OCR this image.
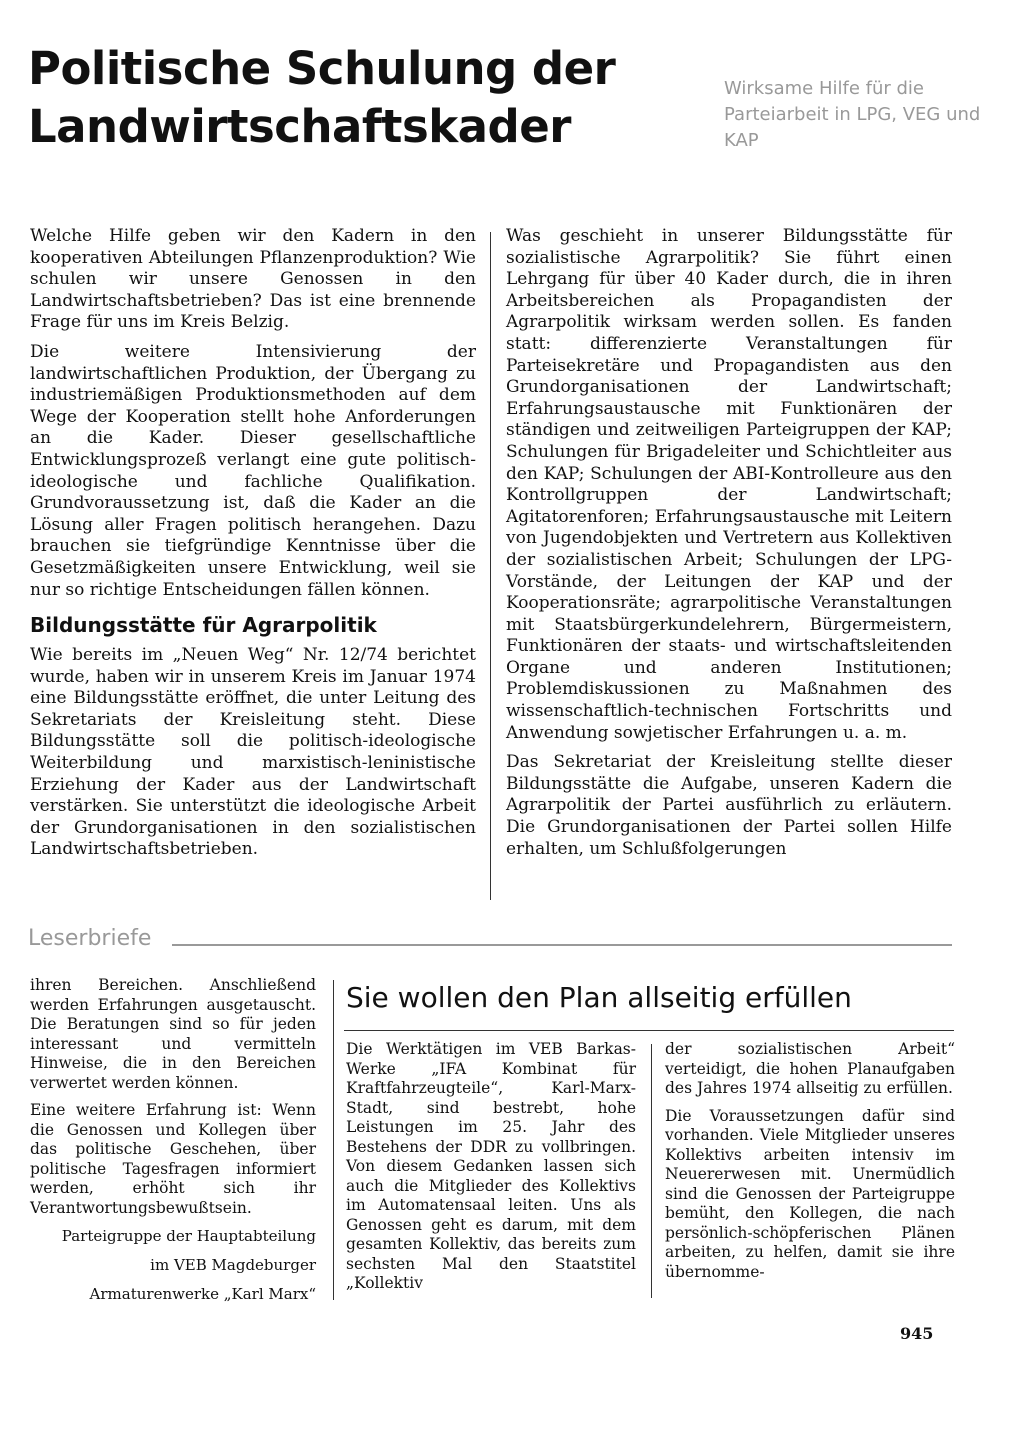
Politische Schulung der Landwirtschaftskader
Wirksame Hilfe für die Parteiarbeit in LPG, VEG und KAP

Welche Hilfe geben wir den Kadern in den kooperativen Abteilungen Pflanzenproduktion? Wie schulen wir unsere Genossen in den Landwirtschaftsbetrieben? Das ist eine brennende Frage für uns im Kreis Belzig.

Die weitere Intensivierung der landwirtschaftlichen Produktion, der Übergang zu industriemäßigen Produktionsmethoden auf dem Wege der Kooperation stellt hohe Anforderungen an die Kader. Dieser gesellschaftliche Entwicklungsprozeß verlangt eine gute politisch-ideologische und fachliche Qualifikation. Grundvoraussetzung ist, daß die Kader an die Lösung aller Fragen politisch herangehen. Dazu brauchen sie tiefgründige Kenntnisse über die Gesetzmäßigkeiten unsere Entwicklung, weil sie nur so richtige Entscheidungen fällen können.

Bildungsstätte für Agrarpolitik

Wie bereits im „Neuen Weg“ Nr. 12/74 berichtet wurde, haben wir in unserem Kreis im Januar 1974 eine Bildungsstätte eröffnet, die unter Leitung des Sekretariats der Kreisleitung steht. Diese Bildungsstätte soll die politisch-ideologische Weiterbildung und marxistisch-leninistische Erziehung der Kader aus der Landwirtschaft verstärken. Sie unterstützt die ideologische Arbeit der Grundorganisationen in den sozialistischen Landwirtschaftsbetrieben.

Was geschieht in unserer Bildungsstätte für sozialistische Agrarpolitik? Sie führt einen Lehrgang für über 40 Kader durch, die in ihren Arbeitsbereichen als Propagandisten der Agrarpolitik wirksam werden sollen. Es fanden statt: differenzierte Veranstaltungen für Parteisekretäre und Propagandisten aus den Grundorganisationen der Landwirtschaft; Erfahrungsaustausche mit Funktionären der ständigen und zeitweiligen Parteigruppen der KAP; Schulungen für Brigadeleiter und Schichtleiter aus den KAP; Schulungen der ABI-Kontrolleure aus den Kontrollgruppen der Landwirtschaft; Agitatorenforen; Erfahrungsaustausche mit Leitern von Jugendobjekten und Vertretern aus Kollektiven der sozialistischen Arbeit; Schulungen der LPG-Vorstände, der Leitungen der KAP und der Kooperationsräte; agrarpolitische Veranstaltungen mit Staatsbürgerkundelehrern, Bürgermeistern, Funktionären der staats- und wirtschaftsleitenden Organe und anderen Institutionen; Problemdiskussionen zu Maßnahmen des wissenschaftlich-technischen Fortschritts und Anwendung sowjetischer Erfahrungen u. a. m.

Das Sekretariat der Kreisleitung stellte dieser Bildungsstätte die Aufgabe, unseren Kadern die Agrarpolitik der Partei ausführlich zu erläutern. Die Grundorganisationen der Partei sollen Hilfe erhalten, um Schlußfolgerungen

Leserbriefe

ihren Bereichen. Anschließend werden Erfahrungen ausgetauscht. Die Beratungen sind so für jeden interessant und vermitteln Hinweise, die in den Bereichen verwertet werden können.

Eine weitere Erfahrung ist: Wenn die Genossen und Kollegen über das politische Geschehen, über politische Tagesfragen informiert werden, erhöht sich ihr Verantwortungsbewußtsein.

Parteigruppe der Hauptabteilung

im VEB Magdeburger

Armaturenwerke „Karl Marx“

Sie wollen den Plan allseitig erfüllen

Die Werktätigen im VEB Barkas-Werke „IFA Kombinat für Kraftfahrzeugteile“, Karl-Marx-Stadt, sind bestrebt, hohe Leistungen im 25. Jahr des Bestehens der DDR zu vollbringen. Von diesem Gedanken lassen sich auch die Mitglieder des Kollektivs im Automatensaal leiten. Uns als Genossen geht es darum, mit dem gesamten Kollektiv, das bereits zum sechsten Mal den Staatstitel „Kollektiv

der sozialistischen Arbeit“ verteidigt, die hohen Planaufgaben des Jahres 1974 allseitig zu erfüllen.

Die Voraussetzungen dafür sind vorhanden. Viele Mitglieder unseres Kollektivs arbeiten intensiv im Neuererwesen mit. Unermüdlich sind die Genossen der Parteigruppe bemüht, den Kollegen, die nach persönlich-schöpferischen Plänen arbeiten, zu helfen, damit sie ihre übernomme-

945
